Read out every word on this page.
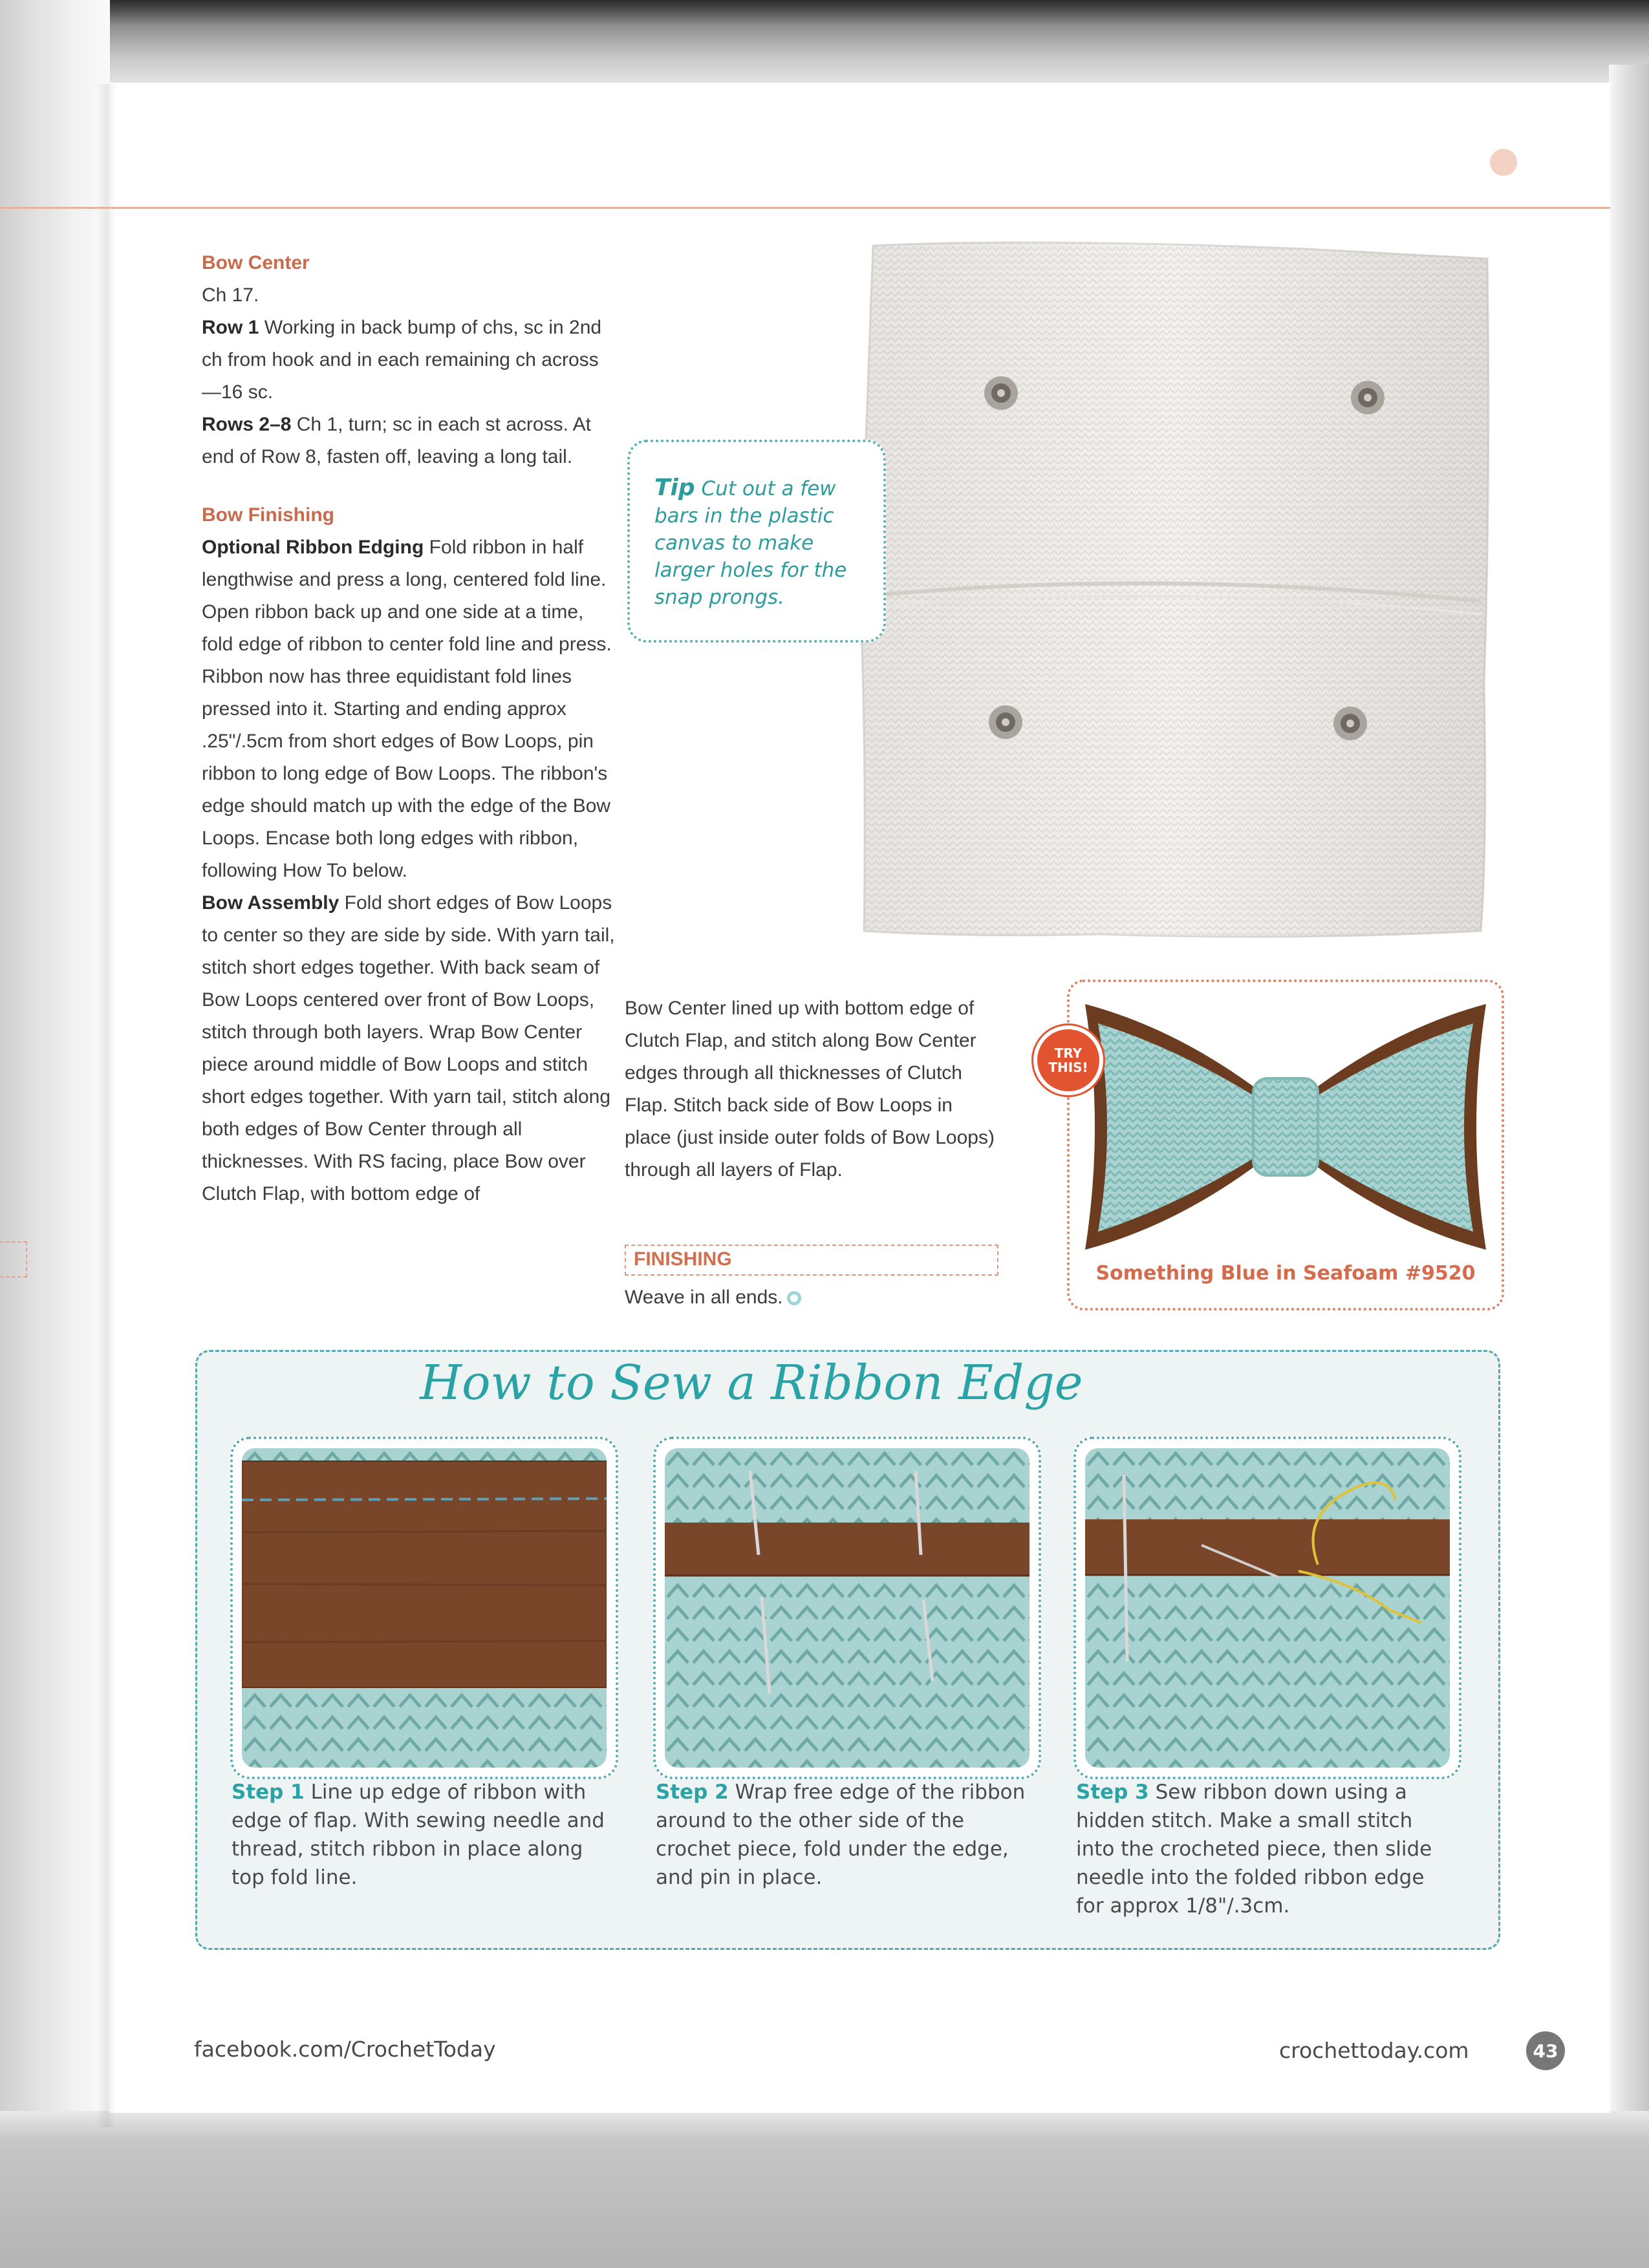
Bow Center

Ch 17.

Row 1 Working in back bump of chs, sc in 2nd ch from hook and in each remaining ch across—16 sc.

Rows 2–8 Ch 1, turn; sc in each st across. At end of Row 8, fasten off, leaving a long tail.

Bow Finishing

Optional Ribbon Edging Fold ribbon in half lengthwise and press a long, centered fold line. Open ribbon back up and one side at a time, fold edge of ribbon to center fold line and press. Ribbon now has three equidistant fold lines pressed into it. Starting and ending approx .25"/.5cm from short edges of Bow Loops, pin ribbon to long edge of Bow Loops. The ribbon's edge should match up with the edge of the Bow Loops. Encase both long edges with ribbon, following How To below.

Bow Assembly Fold short edges of Bow Loops to center so they are side by side. With yarn tail, stitch short edges together. With back seam of Bow Loops centered over front of Bow Loops, stitch through both layers. Wrap Bow Center piece around middle of Bow Loops and stitch short edges together. With yarn tail, stitch along both edges of Bow Center through all thicknesses. With RS facing, place Bow over Clutch Flap, with bottom edge of

Bow Center lined up with bottom edge of Clutch Flap, and stitch along Bow Center edges through all thicknesses of Clutch Flap. Stitch back side of Bow Loops in place (just inside outer folds of Bow Loops) through all layers of Flap.

FINISHING
Weave in all ends.
Tip Cut out a few bars in the plastic canvas to make larger holes for the snap prongs.
Something Blue in Seafoam #9520
TRY
THIS!
How to Sew a Ribbon Edge
Step 1 Line up edge of ribbon with edge of flap. With sewing needle and thread, stitch ribbon in place along top fold line.
Step 2 Wrap free edge of the ribbon around to the other side of the crochet piece, fold under the edge, and pin in place.
Step 3 Sew ribbon down using a hidden stitch. Make a small stitch into the crocheted piece, then slide needle into the folded ribbon edge for approx 1/8"/.3cm.
facebook.com/CrochetToday	crochettoday.com	43
